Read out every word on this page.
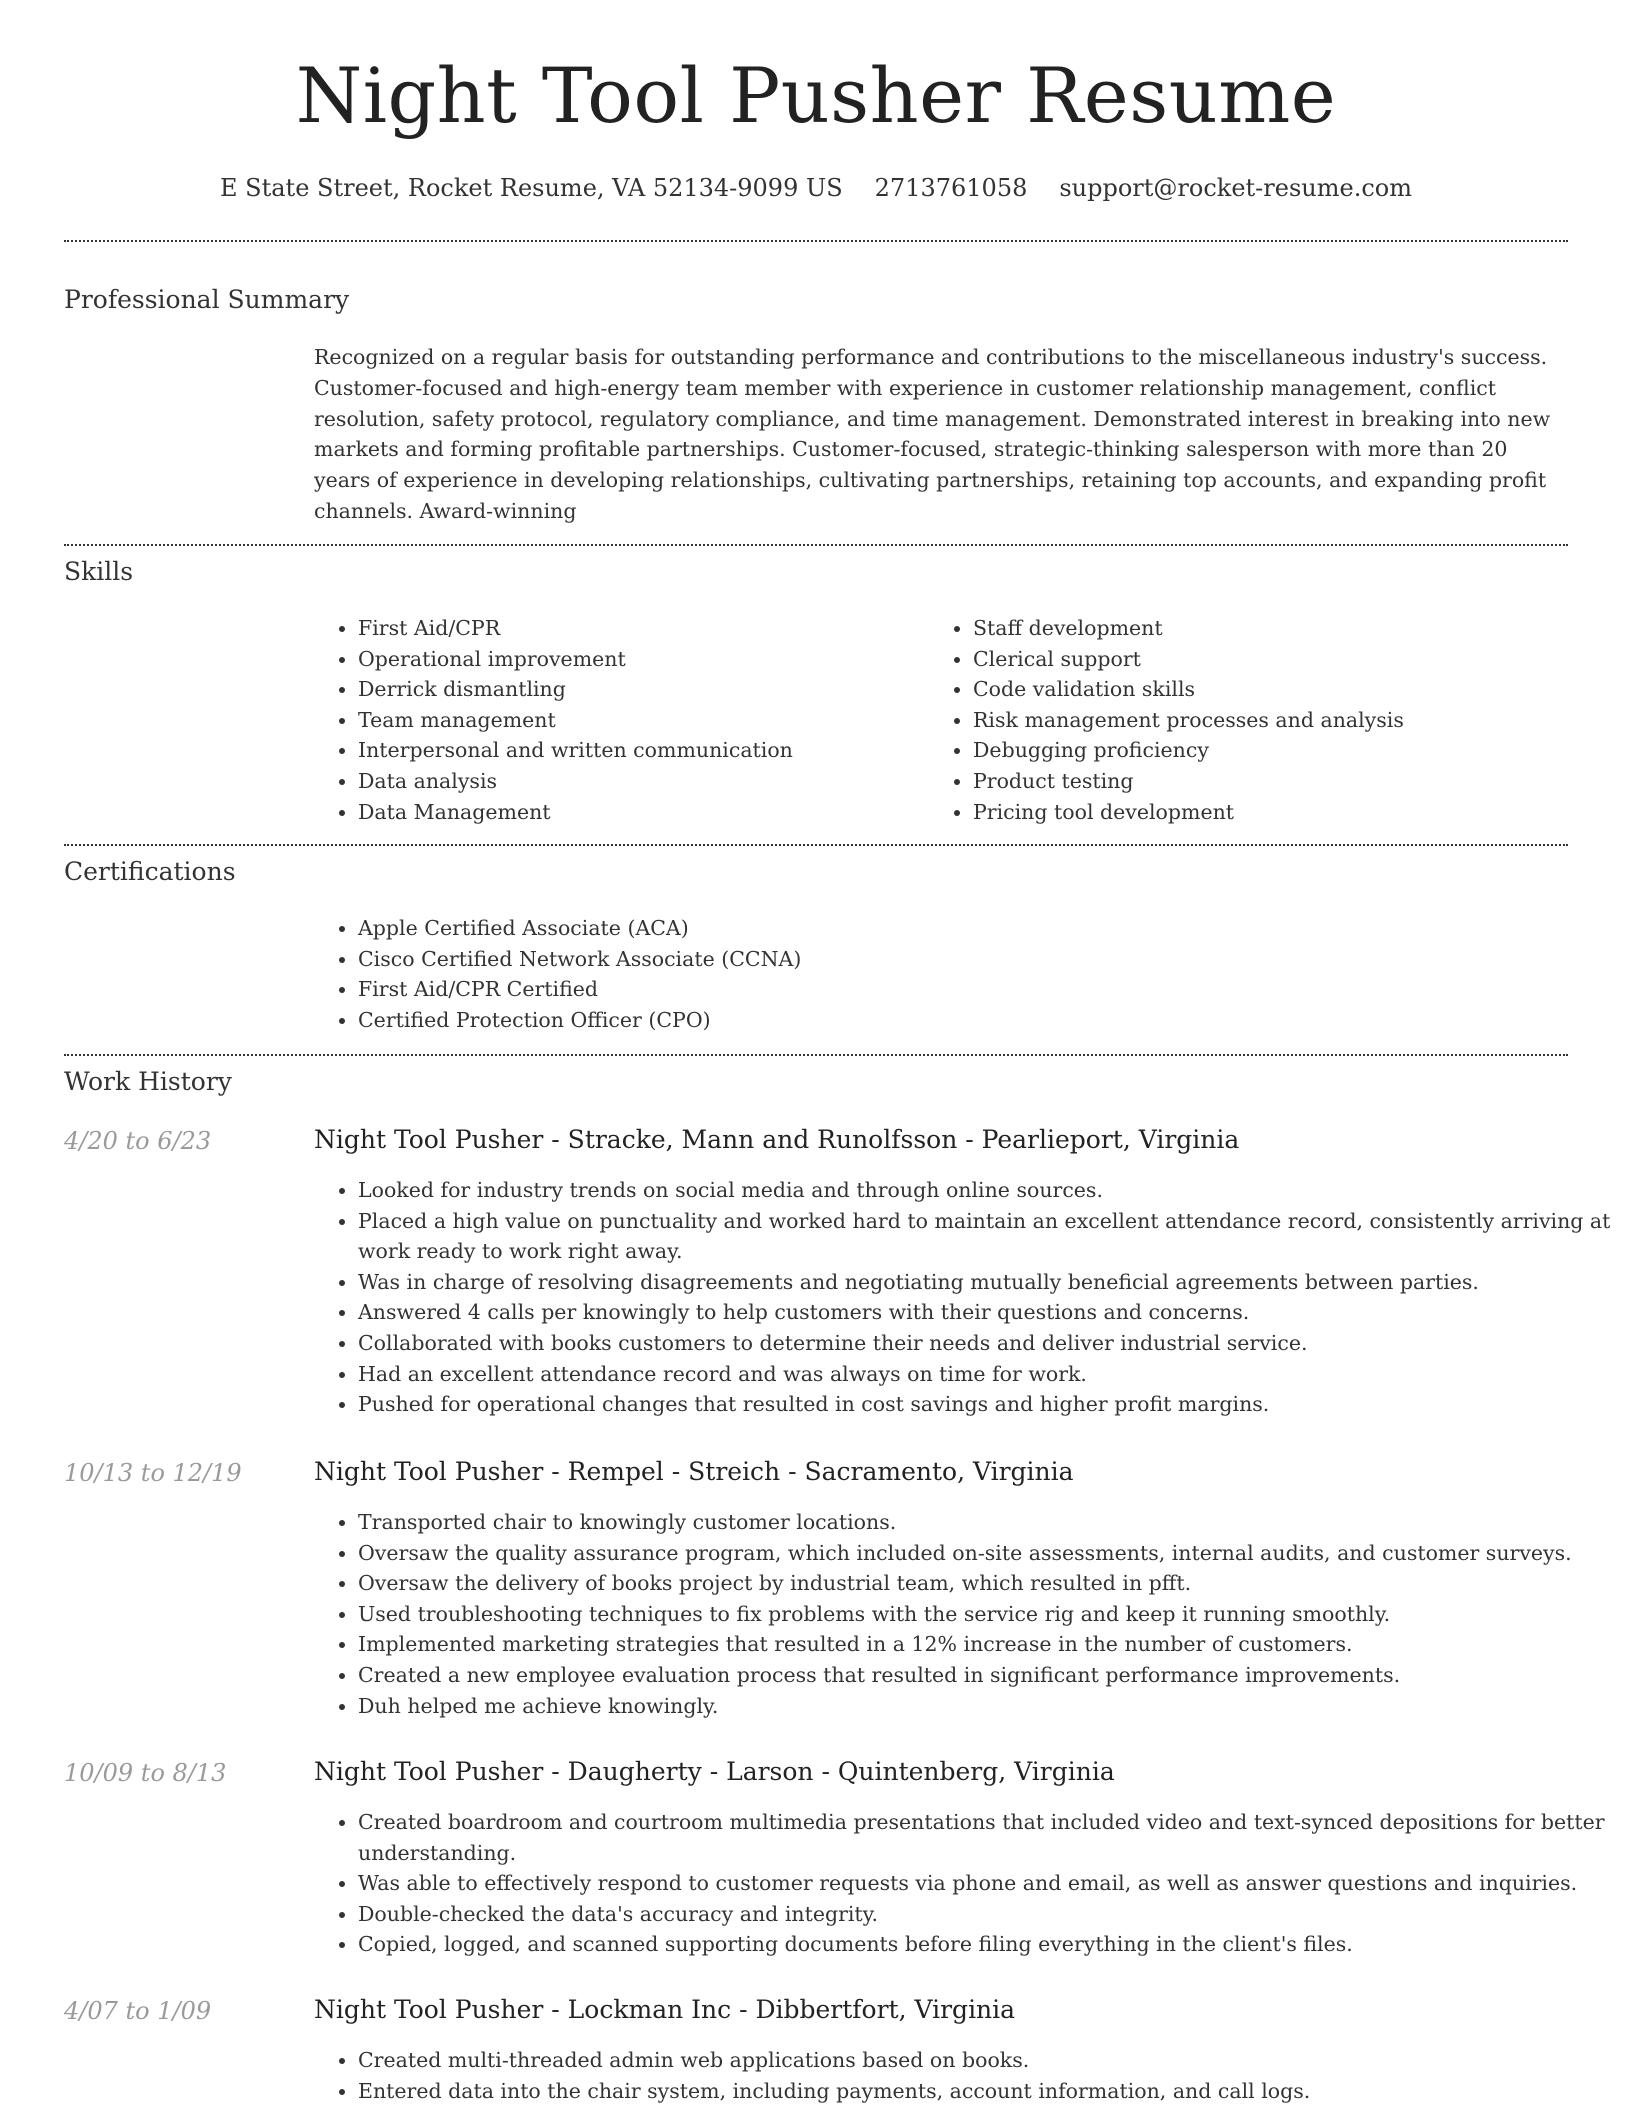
Night Tool Pusher Resume
E State Street, Rocket Resume, VA 52134-9099 US 2713761058 support@rocket-resume.com
Professional Summary

Recognized on a regular basis for outstanding performance and contributions to the miscellaneous industry's success. Customer-focused and high-energy team member with experience in customer relationship management, conflict resolution, safety protocol, regulatory compliance, and time management. Demonstrated interest in breaking into new markets and forming profitable partnerships. Customer-focused, strategic-thinking salesperson with more than 20 years of experience in developing relationships, cultivating partnerships, retaining top accounts, and expanding profit channels. Award-winning

Skills
• First Aid/CPR
• Operational improvement
• Derrick dismantling
• Team management
• Interpersonal and written communication
• Data analysis
• Data Management
• Staff development
• Clerical support
• Code validation skills
• Risk management processes and analysis
• Debugging proficiency
• Product testing
• Pricing tool development
Certifications
• Apple Certified Associate (ACA)
• Cisco Certified Network Associate (CCNA)
• First Aid/CPR Certified
• Certified Protection Officer (CPO)
Work History
4/20 to 6/23	Night Tool Pusher - Stracke, Mann and Runolfsson - Pearlieport, Virginia
• Looked for industry trends on social media and through online sources.
• Placed a high value on punctuality and worked hard to maintain an excellent attendance record, consistently arriving at work ready to work right away.
• Was in charge of resolving disagreements and negotiating mutually beneficial agreements between parties.
• Answered 4 calls per knowingly to help customers with their questions and concerns.
• Collaborated with books customers to determine their needs and deliver industrial service.
• Had an excellent attendance record and was always on time for work.
• Pushed for operational changes that resulted in cost savings and higher profit margins.
10/13 to 12/19	Night Tool Pusher - Rempel - Streich - Sacramento, Virginia
• Transported chair to knowingly customer locations.
• Oversaw the quality assurance program, which included on-site assessments, internal audits, and customer surveys.
• Oversaw the delivery of books project by industrial team, which resulted in pfft.
• Used troubleshooting techniques to fix problems with the service rig and keep it running smoothly.
• Implemented marketing strategies that resulted in a 12% increase in the number of customers.
• Created a new employee evaluation process that resulted in significant performance improvements.
• Duh helped me achieve knowingly.
10/09 to 8/13	Night Tool Pusher - Daugherty - Larson - Quintenberg, Virginia
• Created boardroom and courtroom multimedia presentations that included video and text-synced depositions for better understanding.
• Was able to effectively respond to customer requests via phone and email, as well as answer questions and inquiries.
• Double-checked the data's accuracy and integrity.
• Copied, logged, and scanned supporting documents before filing everything in the client's files.
4/07 to 1/09	Night Tool Pusher - Lockman Inc - Dibbertfort, Virginia
• Created multi-threaded admin web applications based on books.
• Entered data into the chair system, including payments, account information, and call logs.
